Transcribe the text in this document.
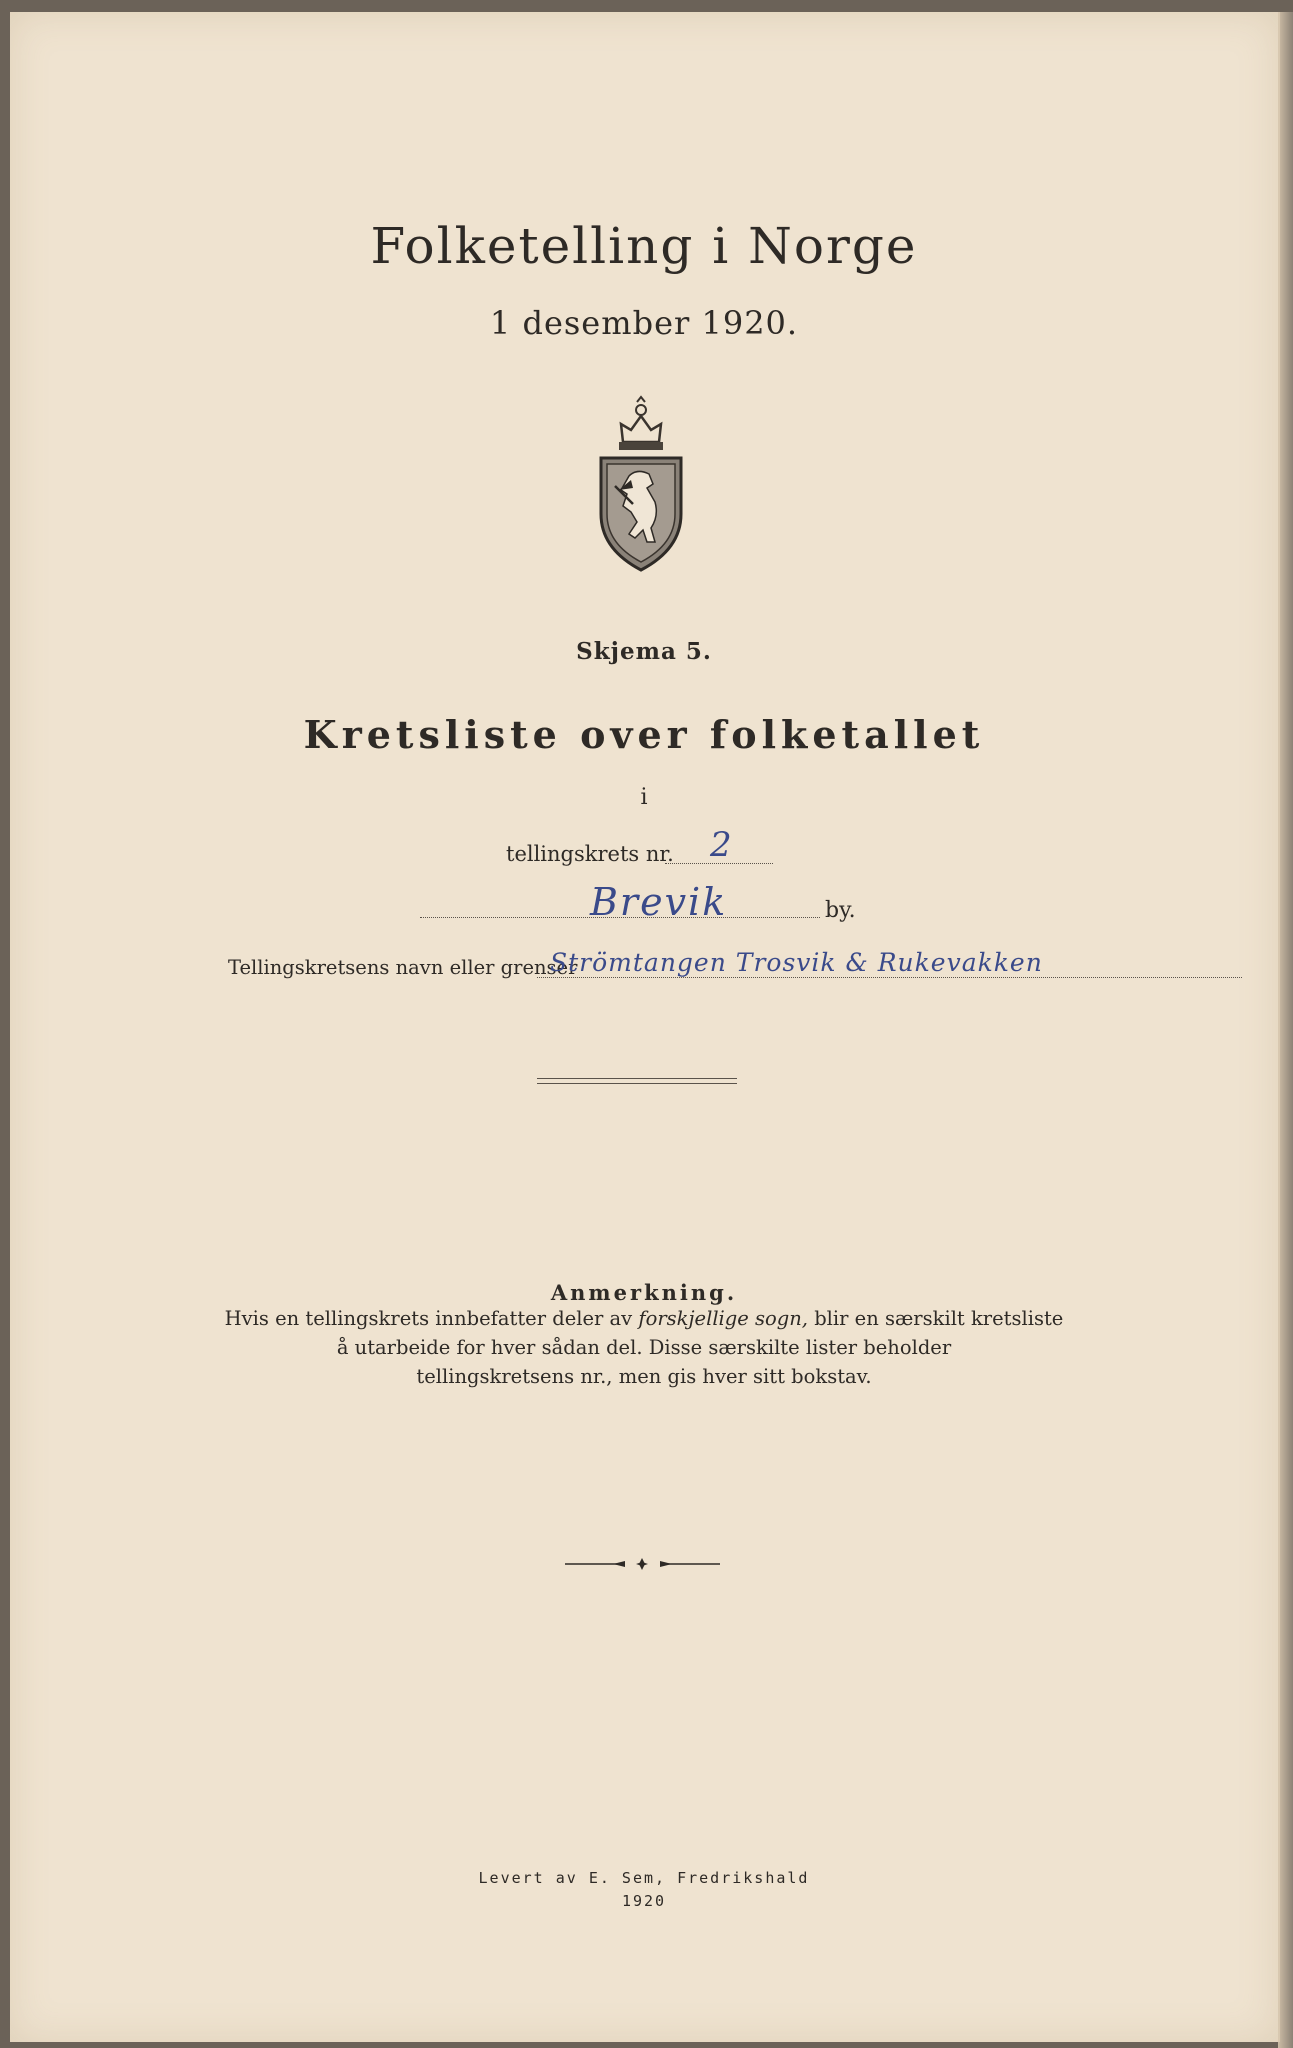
Folketelling i Norge
1 desember 1920.
Skjema 5.
Kretsliste over folketallet
i
tellingskrets nr. 2
Brevik	by.
Tellingskretsens navn eller grenser
Strömtangen Trosvik & Rukevakken
Anmerkning.
Hvis en tellingskrets innbefatter deler av forskjellige sogn, blir en særskilt kretsliste
å utarbeide for hver sådan del. Disse særskilte lister beholder
tellingskretsens nr., men gis hver sitt bokstav.
Levert av E. Sem, Fredrikshald
1920
